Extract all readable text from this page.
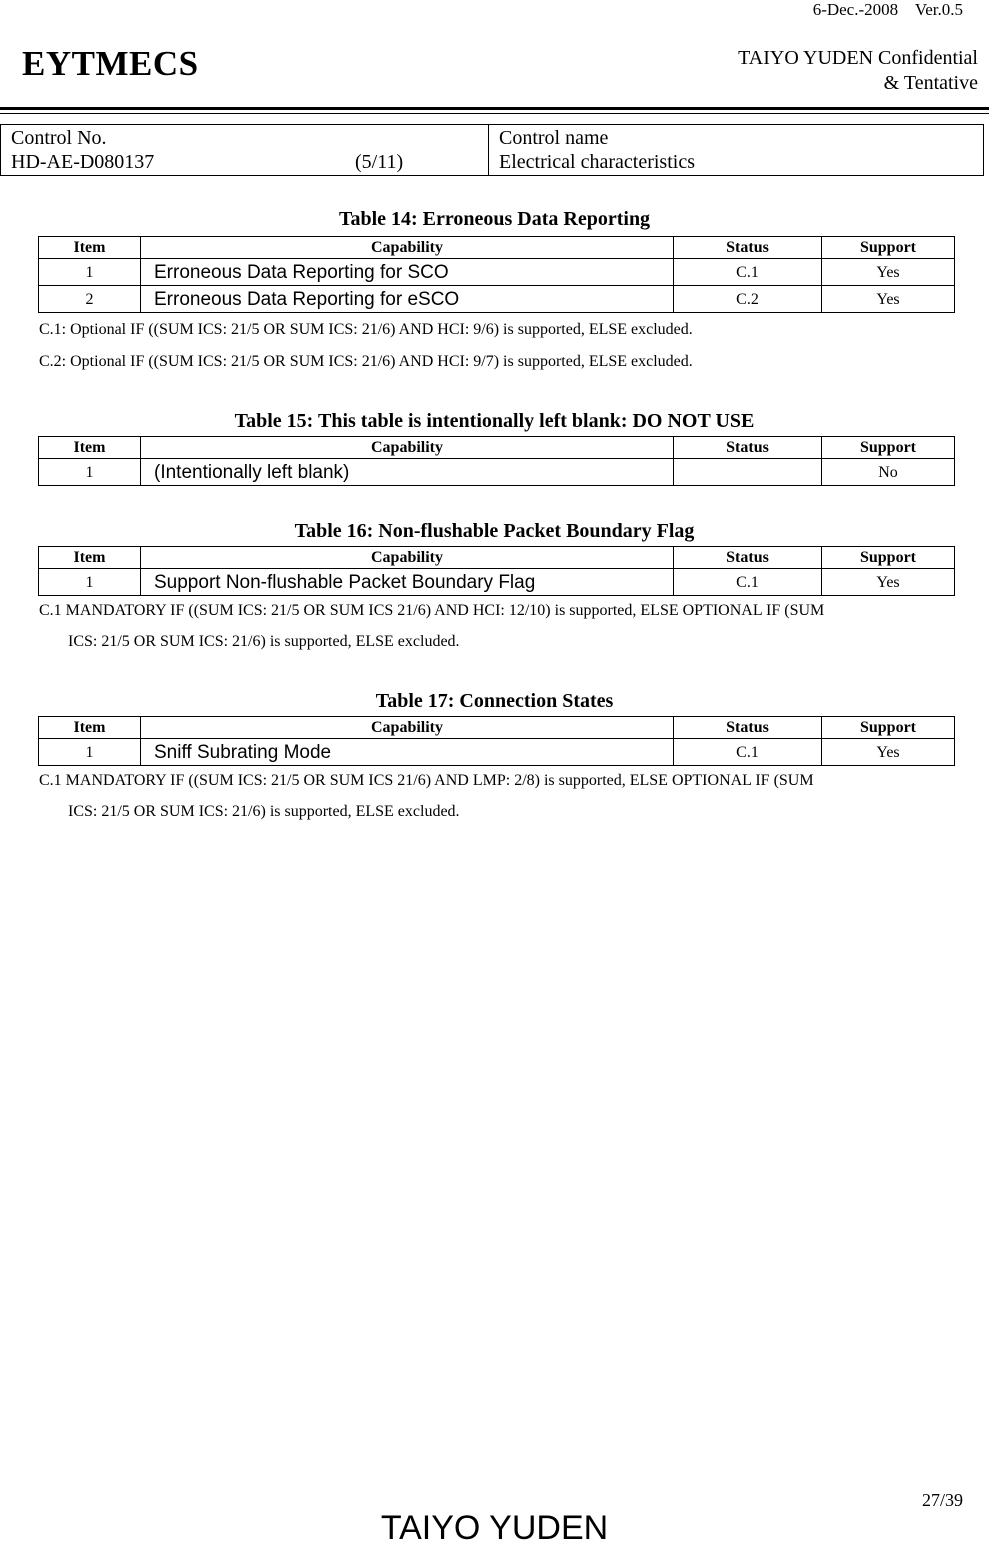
6-Dec.-2008    Ver.0.5
EYTMECS	TAIYO YUDEN Confidential
& Tentative
Control No.
HD-AE-D080137	(5/11)
Control name
Electrical characteristics
Table 14: Erroneous Data Reporting
Item	Capability	Status	Support
1	Erroneous Data Reporting for SCO	C.1	Yes
2	Erroneous Data Reporting for eSCO	C.2	Yes
C.1: Optional IF ((SUM ICS: 21/5 OR SUM ICS: 21/6) AND HCI: 9/6) is supported, ELSE excluded.
C.2: Optional IF ((SUM ICS: 21/5 OR SUM ICS: 21/6) AND HCI: 9/7) is supported, ELSE excluded.
Table 15: This table is intentionally left blank: DO NOT USE
Item	Capability	Status	Support
1	(Intentionally left blank)		No
Table 16: Non-flushable Packet Boundary Flag
Item	Capability	Status	Support
1	Support Non-flushable Packet Boundary Flag	C.1	Yes
C.1 MANDATORY IF ((SUM ICS: 21/5 OR SUM ICS 21/6) AND HCI: 12/10) is supported, ELSE OPTIONAL IF (SUM
ICS: 21/5 OR SUM ICS: 21/6) is supported, ELSE excluded.
Table 17: Connection States
Item	Capability	Status	Support
1	Sniff Subrating Mode	C.1	Yes
C.1 MANDATORY IF ((SUM ICS: 21/5 OR SUM ICS 21/6) AND LMP: 2/8) is supported, ELSE OPTIONAL IF (SUM
ICS: 21/5 OR SUM ICS: 21/6) is supported, ELSE excluded.
27/39
TAIYO YUDEN
